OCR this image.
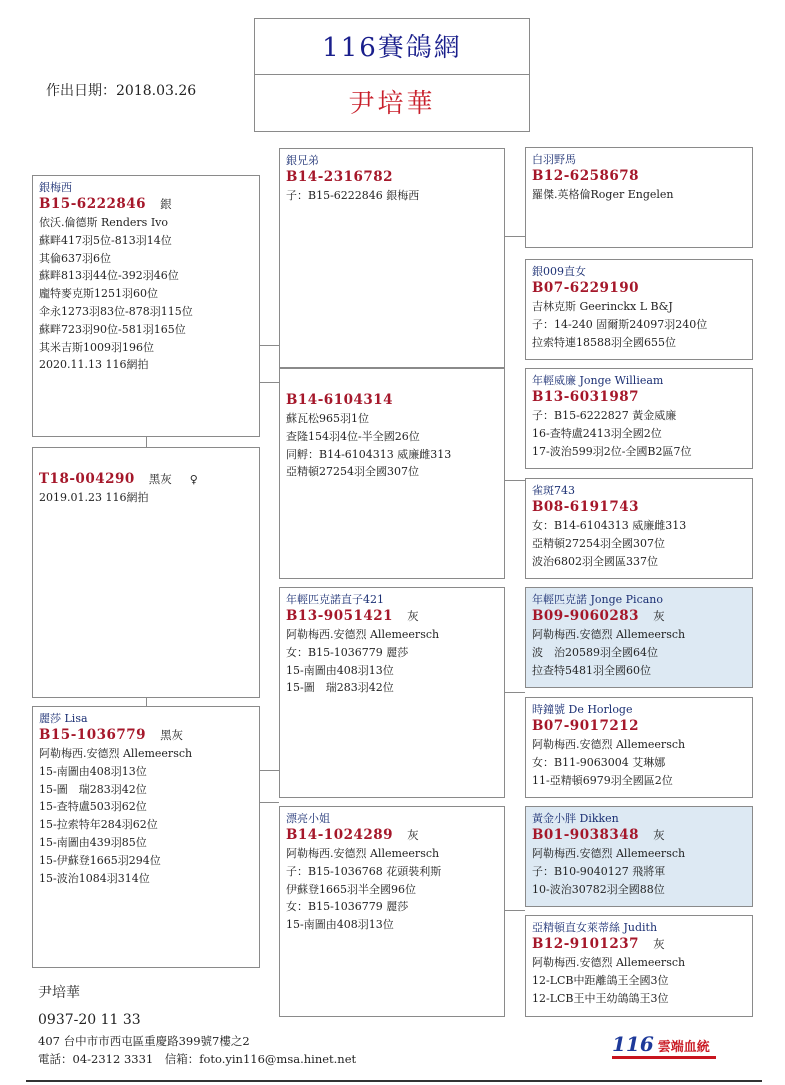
116賽鴿網
尹培華
作出日期：2018.03.26
銀梅西
B15-6222846 銀
依沃.倫德斯 Renders Ivo
蘇畔417羽5位-813羽14位
其倫637羽6位
蘇畔813羽44位-392羽46位
龐特麥克斯1251羽60位
伞永1273羽83位-878羽115位
蘇畔723羽90位-581羽165位
其米吉斯1009羽196位
2020.11.13 116網拍
T18-004290 黑灰 ♀
2019.01.23 116網拍
麗莎 Lisa
B15-1036779 黑灰
阿勒梅西.安德烈 Allemeersch
15-南圖由408羽13位
15-圖　瑞283羽42位
15-查特盧503羽62位
15-拉索特年284羽62位
15-南圖由439羽85位
15-伊蘇登1665羽294位
15-波治1084羽314位
銀兄弟
B14-2316782
子：B15-6222846 銀梅西
B14-6104314
蘇瓦松965羽1位
查隆154羽4位-半全國26位
同孵：B14-6104313 威廉雌313
亞精頓27254羽全國307位
年輕匹克諾直子421
B13-9051421 灰
阿勒梅西.安德烈 Allemeersch
女：B15-1036779 麗莎
15-南圖由408羽13位
15-圖　瑞283羽42位
漂亮小姐
B14-1024289 灰
阿勒梅西.安德烈 Allemeersch
子：B15-1036768 花頭裝利斯
伊蘇登1665羽半全國96位
女：B15-1036779 麗莎
15-南圖由408羽13位
白羽野馬
B12-6258678
羅傑.英格倫Roger Engelen
銀009直女
B07-6229190
吉林克斯 Geerinckx L B&J
子：14-240 固爾斯24097羽240位
拉索特連18588羽全國655位
年輕威廉 Jonge Willieam
B13-6031987
子：B15-6222827 黃金威廉
16-查特盧2413羽全國2位
17-波治599羽2位-全國B2區7位
雀斑743
B08-6191743
女：B14-6104313 威廉雌313
亞精頓27254羽全國307位
波治6802羽全國區337位
年輕匹克諾 Jonge Picano
B09-9060283 灰
阿勒梅西.安德烈 Allemeersch
波　治20589羽全國64位
拉查特5481羽全國60位
時鐘號 De Horloge
B07-9017212
阿勒梅西.安德烈 Allemeersch
女：B11-9063004 艾琳娜
11-亞精頓6979羽全國區2位
黃金小胖 Dikken
B01-9038348 灰
阿勒梅西.安德烈 Allemeersch
子：B10-9040127 飛將軍
10-波治30782羽全國88位
亞精頓直女萊蒂絲 Judith
B12-9101237 灰
阿勒梅西.安德烈 Allemeersch
12-LCB中距離鴿王全國3位
12-LCB王中王幼鴿鴿王3位
尹培華
0937-20 11 33
407 台中市市西屯區重慶路399號7樓之2
電話：04-2312 3331　信箱：foto.yin116@msa.hinet.net
116 雲端血統
